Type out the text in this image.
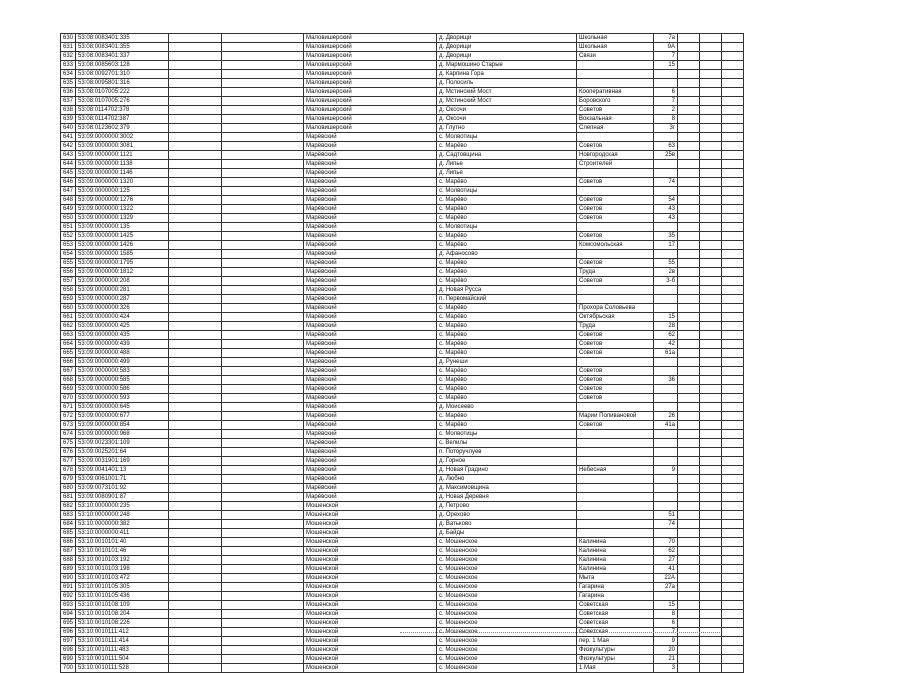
630	53:08:0083401:335			Маловишерский	д. Дворищи	Школьная	7а			
631	53:08:0083401:355			Маловишерский	д. Дворищи	Школьная	9А			
632	53:08:0083401:337			Маловишерский	д. Дворищи	Связи	7			
633	53:08:0085603:128			Маловишерский	д. Мармошино Старые		15			
634	53:08:0092701:310			Маловишерский	д. Карпина Гора					
635	53:08:0095801:316			Маловишерский	д. Полосиль					
636	53:08:0107005:222			Маловишерский	д. Мстинский Мост	Кооперативная	6			
637	53:08:0107005:276			Маловишерский	д. Мстинский Мост	Боровского	7			
638	53:08:0114702:378			Маловишерский	д. Оксочи	Советов	2			
639	53:08:0114702:387			Маловишерский	д. Оксочи	Вокзальная	8			
640	53:08:0123602:379			Маловишерский	д. Глутно	Слепная	3г			
641	53:09:0000000:3002			Марёвский	с. Молвотицы					
642	53:09:0000000:3081			Марёвский	с. Марёво	Советов	63			
643	53:09:0000000:1121			Марёвский	д. Садтовщина	Новгородская	25в			
644	53:09:0000000:1138			Марёвский	д. Липье	Строителей				
645	53:09:0000000:1146			Марёвский	д. Липье					
646	53:09:0000000:1320			Марёвский	с. Марёво	Советов	74			
647	53:09:0000000:125			Марёвский	с. Молвотицы					
648	53:09:0000000:1276			Марёвский	с. Марёво	Советов	54			
649	53:09:0000000:1322			Марёвский	с. Марёво	Советов	43			
650	53:09:0000000:1329			Марёвский	с. Марёво	Советов	43			
651	53:09:0000000:135			Марёвский	с. Молвотицы					
652	53:09:0000000:1425			Марёвский	с. Марёво	Советов	35			
653	53:09:0000000:1426			Марёвский	с. Марёво	Комсомольская	17			
654	53:09:0000000:1585			Марёвский	д. Афаносово					
655	53:09:0000000:1795			Марёвский	с. Марёво	Советов	55			
656	53:09:0000000:1812			Марёвский	с. Марёво	Труда	2в			
657	53:09:0000000:208			Марёвский	с. Марёво	Советов	3-б			
658	53:09:0000000:281			Марёвский	д. Новая Русса					
659	53:09:0000000:287			Марёвский	п. Первомайский					
660	53:09:0000000:326			Марёвский	с. Марёво	Прохора Соловьева				
661	53:09:0000000:424			Марёвский	с. Марёво	Октябрьская	15			
662	53:09:0000000:425			Марёвский	с. Марёво	Труда	28			
663	53:09:0000000:435			Марёвский	с. Марёво	Советов	62			
664	53:09:0000000:439			Марёвский	с. Марёво	Советов	42			
665	53:09:0000000:488			Марёвский	с. Марёво	Советов	61а			
666	53:09:0000000:499			Марёвский	д. Рунеши					
667	53:09:0000000:583			Марёвский	с. Марёво	Советов				
668	53:09:0000000:585			Марёвский	с. Марёво	Советов	36			
669	53:09:0000000:586			Марёвский	с. Марёво	Советов				
670	53:09:0000000:593			Марёвский	с. Марёво	Советов				
671	53:09:0000000:645			Марёвский	д. Моисеево					
672	53:09:0000000:677			Марёвский	с. Марёво	Марии Поливановой	26			
673	53:09:0000000:854			Марёвский	с. Марёво	Советов	41а			
674	53:09:0000000:968			Марёвский	с. Молвотицы					
675	53:09:0023301:109			Марёвский	с. Велилы					
676	53:09:0025201:64			Марёвский	п. Поторучлуев					
677	53:09:0031901:169			Марёвский	д. Горное					
678	53:09:0041401:13			Марёвский	д. Новая Градино	Небесная	9			
679	53:09:0061001:71			Марёвский	д. Любно					
680	53:09:0073101:92			Марёвский	д. Максимовщина					
681	53:09:0080901:87			Марёвский	д. Новая Деревня					
682	53:10:0000000:235			Мошенской	д. Петрово					
683	53:10:0000000:248			Мошенской	д. Орехово		51			
684	53:10:0000000:382			Мошенской	д. Ватьково		74			
685	53:10:0000000:411			Мошенской	д. Байды					
686	53:10:0010101:40			Мошенской	с. Мошенское	Калинина	70			
687	53:10:0010101:46			Мошенской	с. Мошенское	Калинина	62			
688	53:10:0010103:192			Мошенской	с. Мошенское	Калинина	27			
689	53:10:0010103:198			Мошенской	с. Мошенское	Калинина	41			
690	53:10:0010103:472			Мошенской	с. Мошенское	Мыта	22А			
691	53:10:0010105:305			Мошенской	с. Мошенское	Гагарина	27а			
692	53:10:0010105:436			Мошенской	с. Мошенское	Гагарина				
693	53:10:0010108:109			Мошенской	с. Мошенское	Советская	15			
694	53:10:0010108:204			Мошенской	с. Мошенское	Советская	8			
695	53:10:0010108:226			Мошенской	с. Мошенское	Советская	6			
696	53:10:0010111:412			Мошенской	с. Мошенское	Советская	7			
697	53:10:0010111:414			Мошенской	с. Мошенское	пер. 1 Мая	9			
698	53:10:0010111:483			Мошенской	с. Мошенское	Физкультуры	20			
699	53:10:0010111:504			Мошенской	с. Мошенское	Физкультуры	21			
700	53:10:0010111:528			Мошенской	с. Мошенское	1 Мая	3			
